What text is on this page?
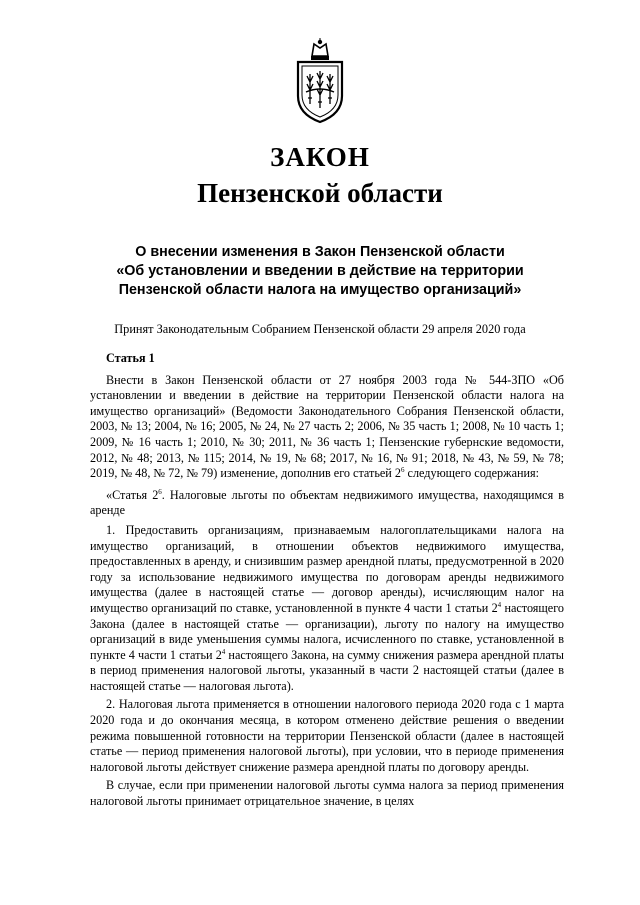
ЗАКОН
Пензенской области
О внесении изменения в Закон Пензенской области
«Об установлении и введении в действие на территории
Пензенской области налога на имущество организаций»
Принят Законодательным Собранием Пензенской области 29 апреля 2020 года
Статья 1

Внести в Закон Пензенской области от 27 ноября 2003 года № 544-ЗПО «Об установлении и введении в действие на территории Пензенской области налога на имущество организаций» (Ведомости Законодательного Собрания Пензенской области, 2003, № 13; 2004, № 16; 2005, № 24, № 27 часть 2; 2006, № 35 часть 1; 2008, № 10 часть 1; 2009, № 16 часть 1; 2010, № 30; 2011, № 36 часть 1; Пензенские губернские ведомости, 2012, № 48; 2013, № 115; 2014, № 19, № 68; 2017, № 16, № 91; 2018, № 43, № 59, № 78; 2019, № 48, № 72, № 79) изменение, дополнив его статьей $2^6$ следующего содержания:

«Статья $2^6$. Налоговые льготы по объектам недвижимого имущества, находящимся в аренде

1. Предоставить организациям, признаваемым налогоплательщиками налога на имущество организаций, в отношении объектов недвижимого имущества, предоставленных в аренду, и снизившим размер арендной платы, предусмотренной в 2020 году за использование недвижимого имущества по договорам аренды недвижимого имущества (далее в настоящей статье — договор аренды), исчисляющим налог на имущество организаций по ставке, установленной в пункте 4 части 1 статьи $2^4$ настоящего Закона (далее в настоящей статье — организации), льготу по налогу на имущество организаций в виде уменьшения суммы налога, исчисленного по ставке, установленной в пункте 4 части 1 статьи $2^4$ настоящего Закона, на сумму снижения размера арендной платы в период применения налоговой льготы, указанный в части 2 настоящей статьи (далее в настоящей статье — налоговая льгота).

2. Налоговая льгота применяется в отношении налогового периода 2020 года с 1 марта 2020 года и до окончания месяца, в котором отменено действие решения о введении режима повышенной готовности на территории Пензенской области (далее в настоящей статье — период применения налоговой льготы), при условии, что в периоде применения налоговой льготы действует снижение размера арендной платы по договору аренды.

В случае, если при применении налоговой льготы сумма налога за период применения налоговой льготы принимает отрицательное значение, в целях
